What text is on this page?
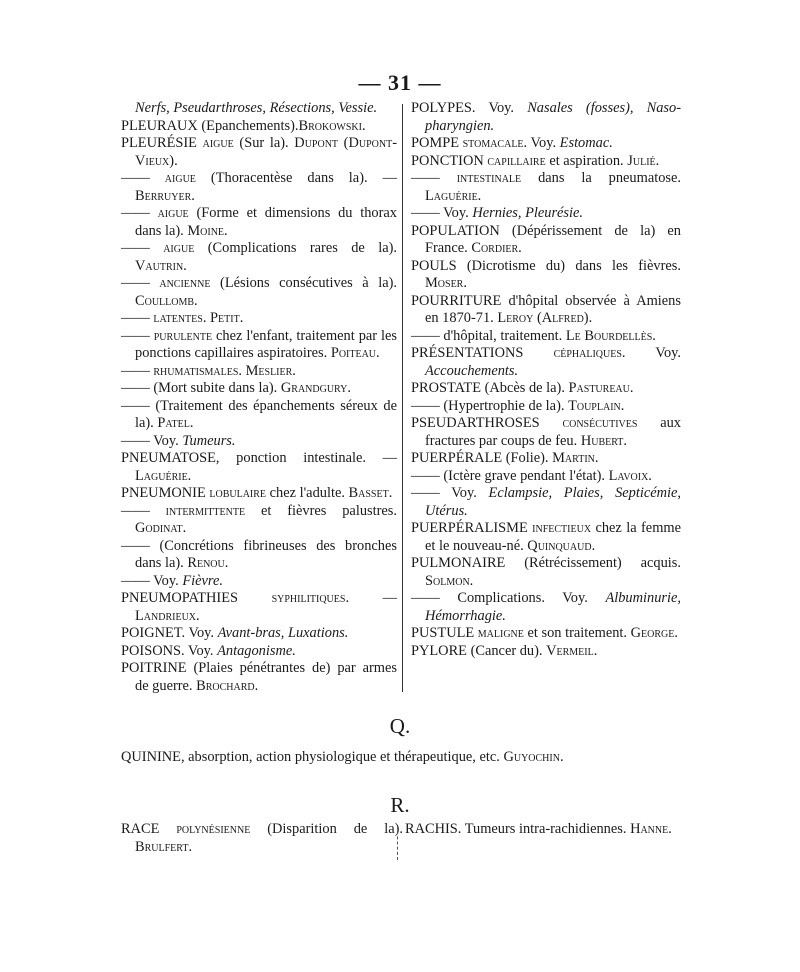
— 31 —
Nerfs, Pseudarthroses, Résections, Vessie.
PLEURAUX (Epanchements).Brokowski.
PLEURÉSIE aigue (Sur la). Dupont (Dupont-Vieux).
—— aigue (Thoracentèse dans la). — Berruyer.
—— aigue (Forme et dimensions du thorax dans la). Moine.
—— aigue (Complications rares de la). Vautrin.
—— ancienne (Lésions consécutives à la). Coullomb.
—— latentes. Petit.
—— purulente chez l'enfant, traitement par les ponctions capillaires aspiratoires. Poiteau.
—— rhumatismales. Meslier.
—— (Mort subite dans la). Grandgury.
—— (Traitement des épanchements séreux de la). Patel.
—— Voy. Tumeurs.
PNEUMATOSE, ponction intestinale. — Laguérie.
PNEUMONIE lobulaire chez l'adulte. Basset.
—— intermittente et fièvres palustres. Godinat.
—— (Concrétions fibrineuses des bronches dans la). Renou.
—— Voy. Fièvre.
PNEUMOPATHIES syphilitiques. — Landrieux.
POIGNET. Voy. Avant-bras, Luxations.
POISONS. Voy. Antagonisme.
POITRINE (Plaies pénétrantes de) par armes de guerre. Brochard.
POLYPES. Voy. Nasales (fosses), Naso-pharyngien.
POMPE stomacale. Voy. Estomac.
PONCTION capillaire et aspiration. Julié.
—— intestinale dans la pneumatose. Laguérie.
—— Voy. Hernies, Pleurésie.
POPULATION (Dépérissement de la) en France. Cordier.
POULS (Dicrotisme du) dans les fièvres. Moser.
POURRITURE d'hôpital observée à Amiens en 1870-71. Leroy (Alfred).
—— d'hôpital, traitement. Le Bourdellès.
PRÉSENTATIONS céphaliques. Voy. Accouchements.
PROSTATE (Abcès de la). Pastureau.
—— (Hypertrophie de la). Touplain.
PSEUDARTHROSES consécutives aux fractures par coups de feu. Hubert.
PUERPÉRALE (Folie). Martin.
—— (Ictère grave pendant l'état). Lavoix.
—— Voy. Eclampsie, Plaies, Septicémie, Utérus.
PUERPÉRALISME infectieux chez la femme et le nouveau-né. Quinquaud.
PULMONAIRE (Rétrécissement) acquis. Solmon.
—— Complications. Voy. Albuminurie, Hémorrhagie.
PUSTULE maligne et son traitement. George.
PYLORE (Cancer du). Vermeil.
Q.
QUININE, absorption, action physiologique et thérapeutique, etc. Guyochin.
R.
RACE polynésienne (Disparition de la). Brulfert.
RACHIS. Tumeurs intra-rachidiennes. Hanne.
